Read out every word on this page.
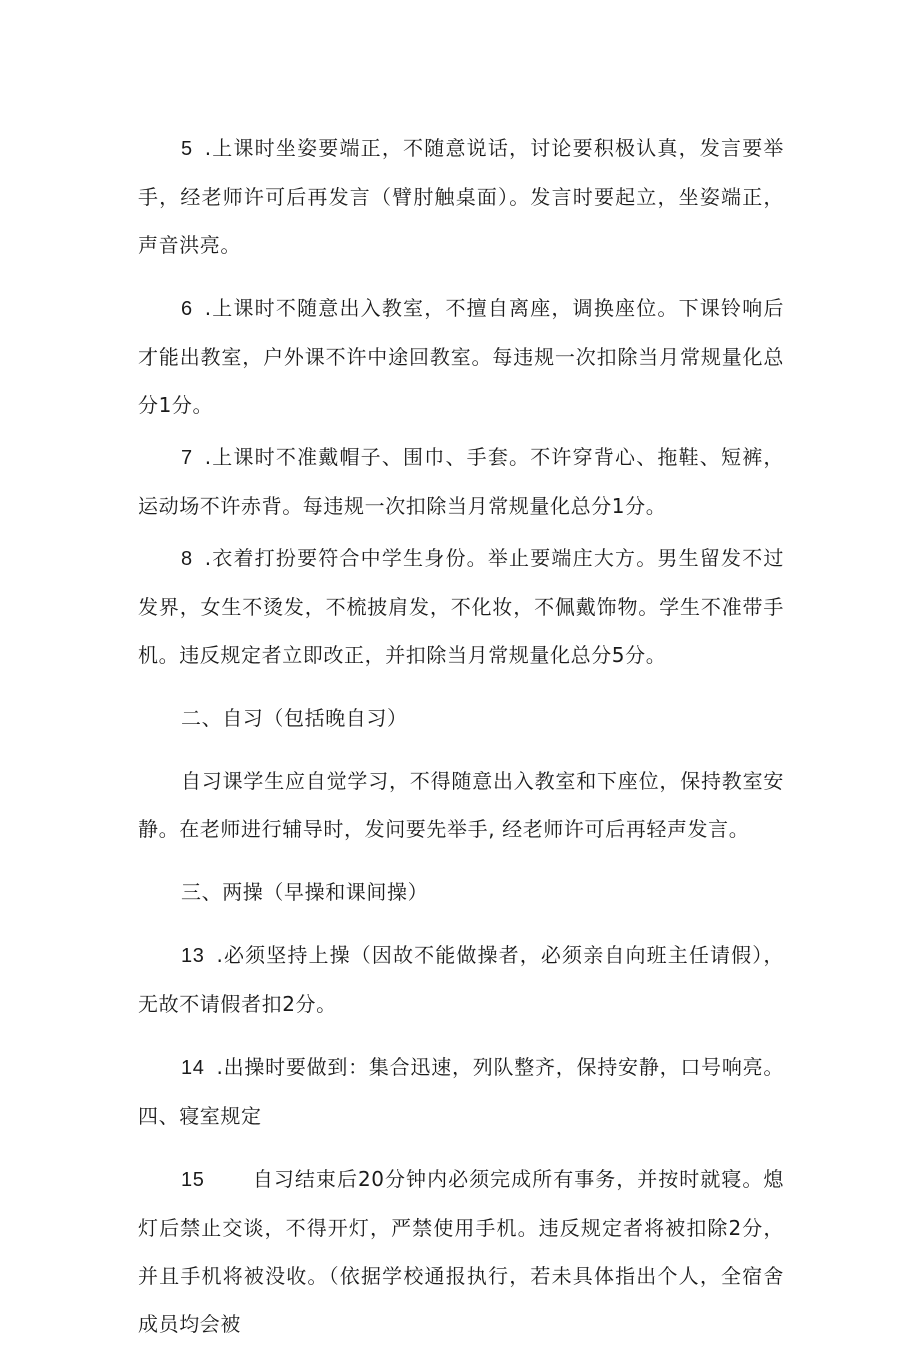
5 .上课时坐姿要端正，不随意说话，讨论要积极认真，发言要举手，经老师许可后再发言（臂肘触桌面）。发言时要起立，坐姿端正，声音洪亮。

6 .上课时不随意出入教室，不擅自离座，调换座位。下课铃响后才能出教室，户外课不许中途回教室。每违规一次扣除当月常规量化总分1分。

7 .上课时不准戴帽子、围巾、手套。不许穿背心、拖鞋、短裤，运动场不许赤背。每违规一次扣除当月常规量化总分1分。

8 .衣着打扮要符合中学生身份。举止要端庄大方。男生留发不过发界，女生不烫发，不梳披肩发，不化妆，不佩戴饰物。学生不准带手机。违反规定者立即改正，并扣除当月常规量化总分5分。

二、自习（包括晚自习）

自习课学生应自觉学习，不得随意出入教室和下座位，保持教室安静。在老师进行辅导时，发问要先举手, 经老师许可后再轻声发言。

三、两操（早操和课间操）

13 .必须坚持上操（因故不能做操者，必须亲自向班主任请假），无故不请假者扣2分。

14 .出操时要做到：集合迅速，列队整齐，保持安静，口号响亮。四、寝室规定

15 自习结束后20分钟内必须完成所有事务，并按时就寝。熄灯后禁止交谈，不得开灯，严禁使用手机。违反规定者将被扣除2分，并且手机将被没收。（依据学校通报执行，若未具体指出个人，全宿舍成员均会被
